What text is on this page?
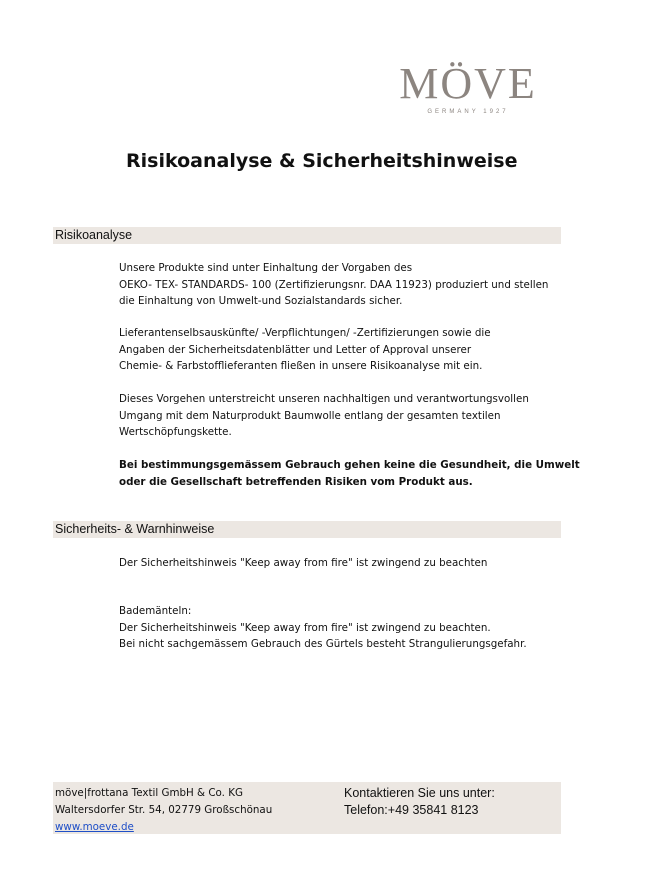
MÖVE
GERMANY 1927
Risikoanalyse & Sicherheitshinweise
Risikoanalyse
Unsere Produkte sind unter Einhaltung der Vorgaben des
OEKO- TEX- STANDARDS- 100 (Zertifizierungsnr. DAA 11923) produziert und stellen
die Einhaltung von Umwelt-und Sozialstandards sicher.
Lieferantenselbsauskünfte/ -Verpflichtungen/ -Zertifizierungen sowie die
Angaben der Sicherheitsdatenblätter und Letter of Approval unserer
Chemie- & Farbstofflieferanten fließen in unsere Risikoanalyse mit ein.
Dieses Vorgehen unterstreicht unseren nachhaltigen und verantwortungsvollen
Umgang mit dem Naturprodukt Baumwolle entlang der gesamten textilen
Wertschöpfungskette.
Bei bestimmungsgemässem Gebrauch gehen keine die Gesundheit, die Umwelt
oder die Gesellschaft betreffenden Risiken vom Produkt aus.
Sicherheits- & Warnhinweise
Der Sicherheitshinweis "Keep away from fire" ist zwingend zu beachten
Bademänteln:
Der Sicherheitshinweis "Keep away from fire" ist zwingend zu beachten.
Bei nicht sachgemässem Gebrauch des Gürtels besteht Strangulierungsgefahr.
möve|frottana Textil GmbH & Co. KG
Waltersdorfer Str. 54, 02779 Großschönau
www.moeve.de
Kontaktieren Sie uns unter:
Telefon:+49 35841 8123
